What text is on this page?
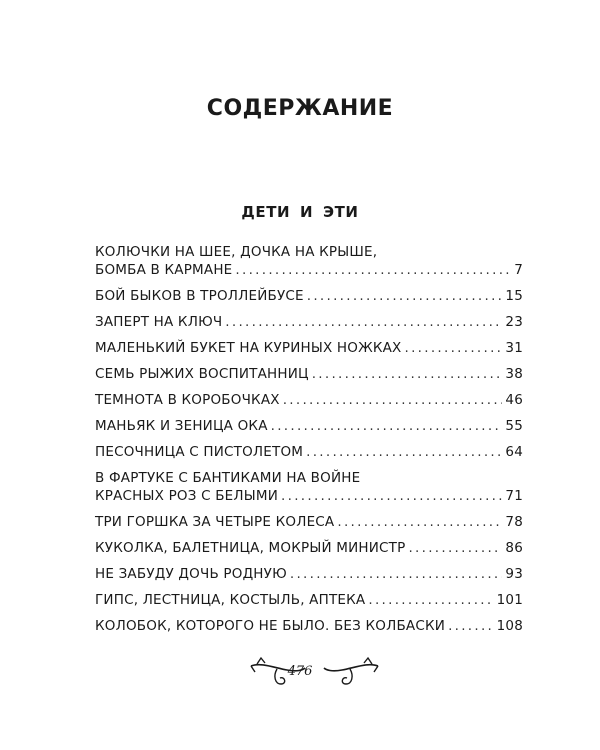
СОДЕРЖАНИЕ
ДЕТИ И ЭТИ
КОЛЮЧКИ НА ШЕЕ, ДОЧКА НА КРЫШЕ,
БОМБА В КАРМАНЕ . . .	7
БОЙ БЫКОВ В ТРОЛЛЕЙБУСЕ . . .	15
ЗАПЕРТ НА КЛЮЧ . . .	23
МАЛЕНЬКИЙ БУКЕТ НА КУРИНЫХ НОЖКАХ . . .	31
СЕМЬ РЫЖИХ ВОСПИТАННИЦ . . .	38
ТЕМНОТА В КОРОБОЧКАХ . . .	46
МАНЬЯК И ЗЕНИЦА ОКА . . .	55
ПЕСОЧНИЦА С ПИСТОЛЕТОМ . . .	64
В ФАРТУКЕ С БАНТИКАМИ НА ВОЙНЕ
КРАСНЫХ РОЗ С БЕЛЫМИ . . .	71
ТРИ ГОРШКА ЗА ЧЕТЫРЕ КОЛЕСА . . .	78
КУКОЛКА, БАЛЕТНИЦА, МОКРЫЙ МИНИСТР . . .	86
НЕ ЗАБУДУ ДОЧЬ РОДНУЮ . . .	93
ГИПС, ЛЕСТНИЦА, КОСТЫЛЬ, АПТЕКА . . .	101
КОЛОБОК, КОТОРОГО НЕ БЫЛО. БЕЗ КОЛБАСКИ . . .	108
476
